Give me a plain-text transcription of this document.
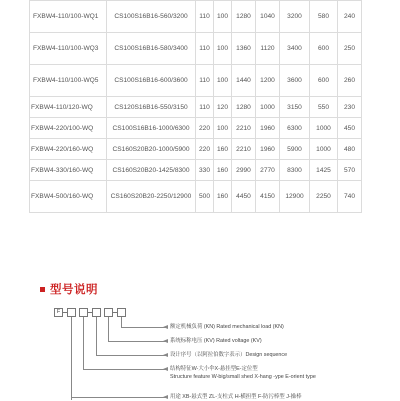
FXBW4-110/100-WQ1	CS100S16B16-560/3200	110	100	1280	1040	3200	580	240
FXBW4-110/100-WQ3	CS100S16B16-580/3400	110	100	1360	1120	3400	600	250
FXBW4-110/100-WQ5	CS100S16B16-600/3600	110	100	1440	1200	3600	600	260
FXBW4-110/120-WQ	CS120S16B16-550/3150	110	120	1280	1000	3150	550	230
FXBW4-220/100-WQ	CS100S16B16-1000/6300	220	100	2210	1960	6300	1000	450
FXBW4-220/160-WQ	CS160S20B20-1000/5900	220	160	2210	1960	5900	1000	480
FXBW4-330/160-WQ	CS160S20B20-1425/8300	330	160	2990	2770	8300	1425	570
FXBW4-500/160-WQ	CS160S20B20-2250/12900	500	160	4450	4150	12900	2250	740
型号说明
F
额定机械负荷 (KN) Rated mechanical load (KN)
系统标称电压 (KV) Rated voltage (KV)
设计序号（以阿拉伯数字表示）Design sequence
结构特征W-大小伞X-悬挂型E-定位型
Structure feature W-big/small shed X-hang -ype E-orient type
用途 XB-悬式型 ZL-支柱式 H-横担型 F-防污棒型 J-操棒
